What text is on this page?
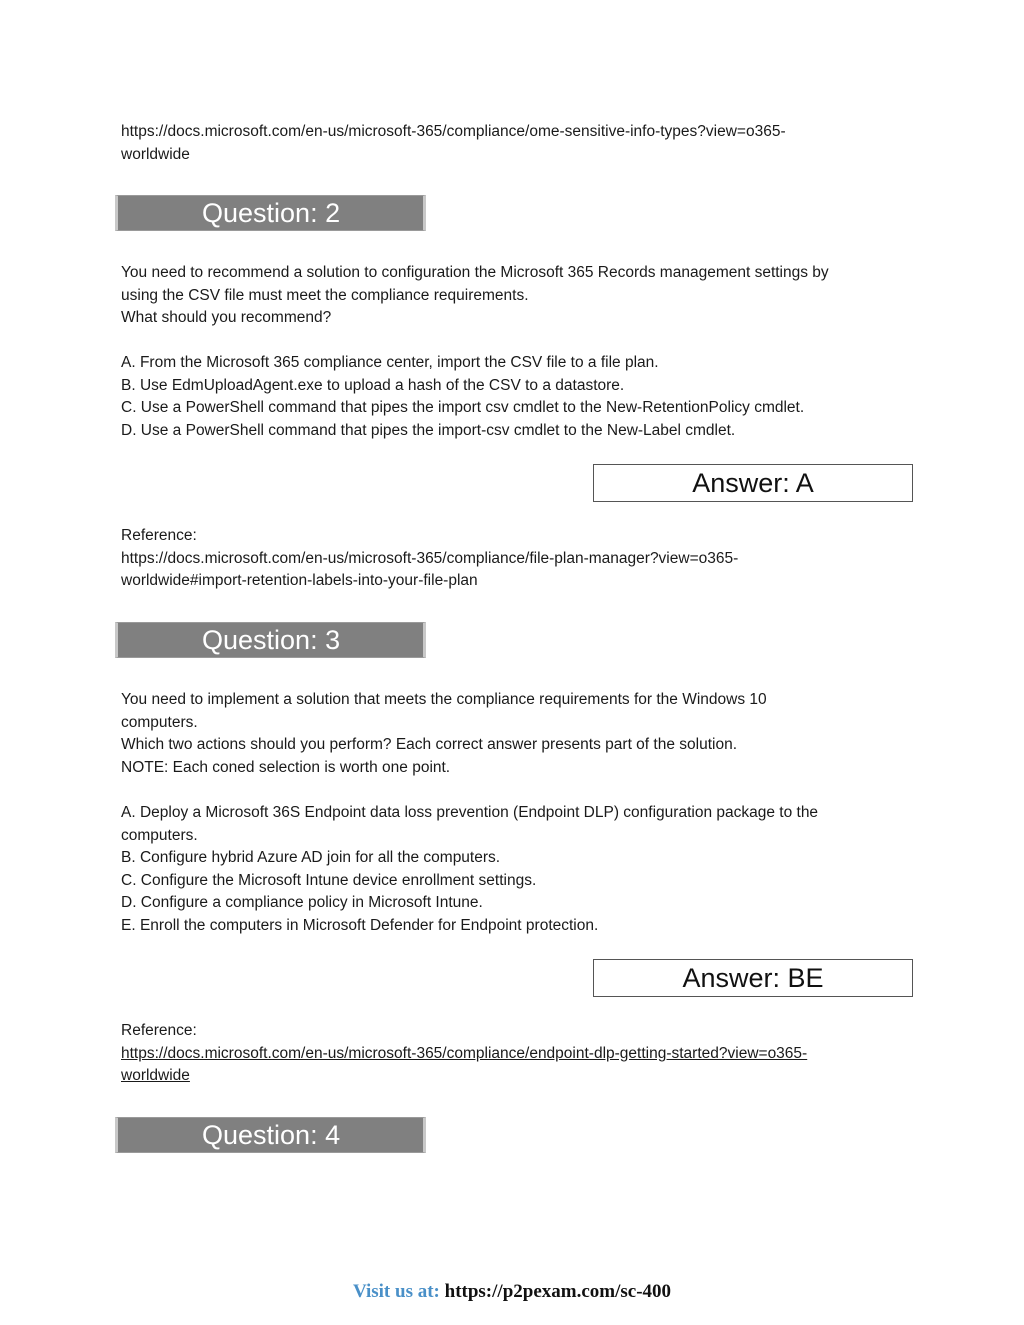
https://docs.microsoft.com/en-us/microsoft-365/compliance/ome-sensitive-info-types?view=o365-
worldwide
Question: 2
You need to recommend a solution to configuration the Microsoft 365 Records management settings by
using the CSV file must meet the compliance requirements.
What should you recommend?
A. From the Microsoft 365 compliance center, import the CSV file to a file plan.
B. Use EdmUploadAgent.exe to upload a hash of the CSV to a datastore.
C. Use a PowerShell command that pipes the import csv cmdlet to the New-RetentionPolicy cmdlet.
D. Use a PowerShell command that pipes the import-csv cmdlet to the New-Label cmdlet.
Answer: A
Reference:
https://docs.microsoft.com/en-us/microsoft-365/compliance/file-plan-manager?view=o365-
worldwide#import-retention-labels-into-your-file-plan
Question: 3
You need to implement a solution that meets the compliance requirements for the Windows 10
computers.
Which two actions should you perform? Each correct answer presents part of the solution.
NOTE: Each coned selection is worth one point.
A. Deploy a Microsoft 36S Endpoint data loss prevention (Endpoint DLP) configuration package to the
computers.
B. Configure hybrid Azure AD join for all the computers.
C. Configure the Microsoft Intune device enrollment settings.
D. Configure a compliance policy in Microsoft Intune.
E. Enroll the computers in Microsoft Defender for Endpoint protection.
Answer: BE
Reference:
https://docs.microsoft.com/en-us/microsoft-365/compliance/endpoint-dlp-getting-started?view=o365-
worldwide
Question: 4
Visit us at: https://p2pexam.com/sc-400
